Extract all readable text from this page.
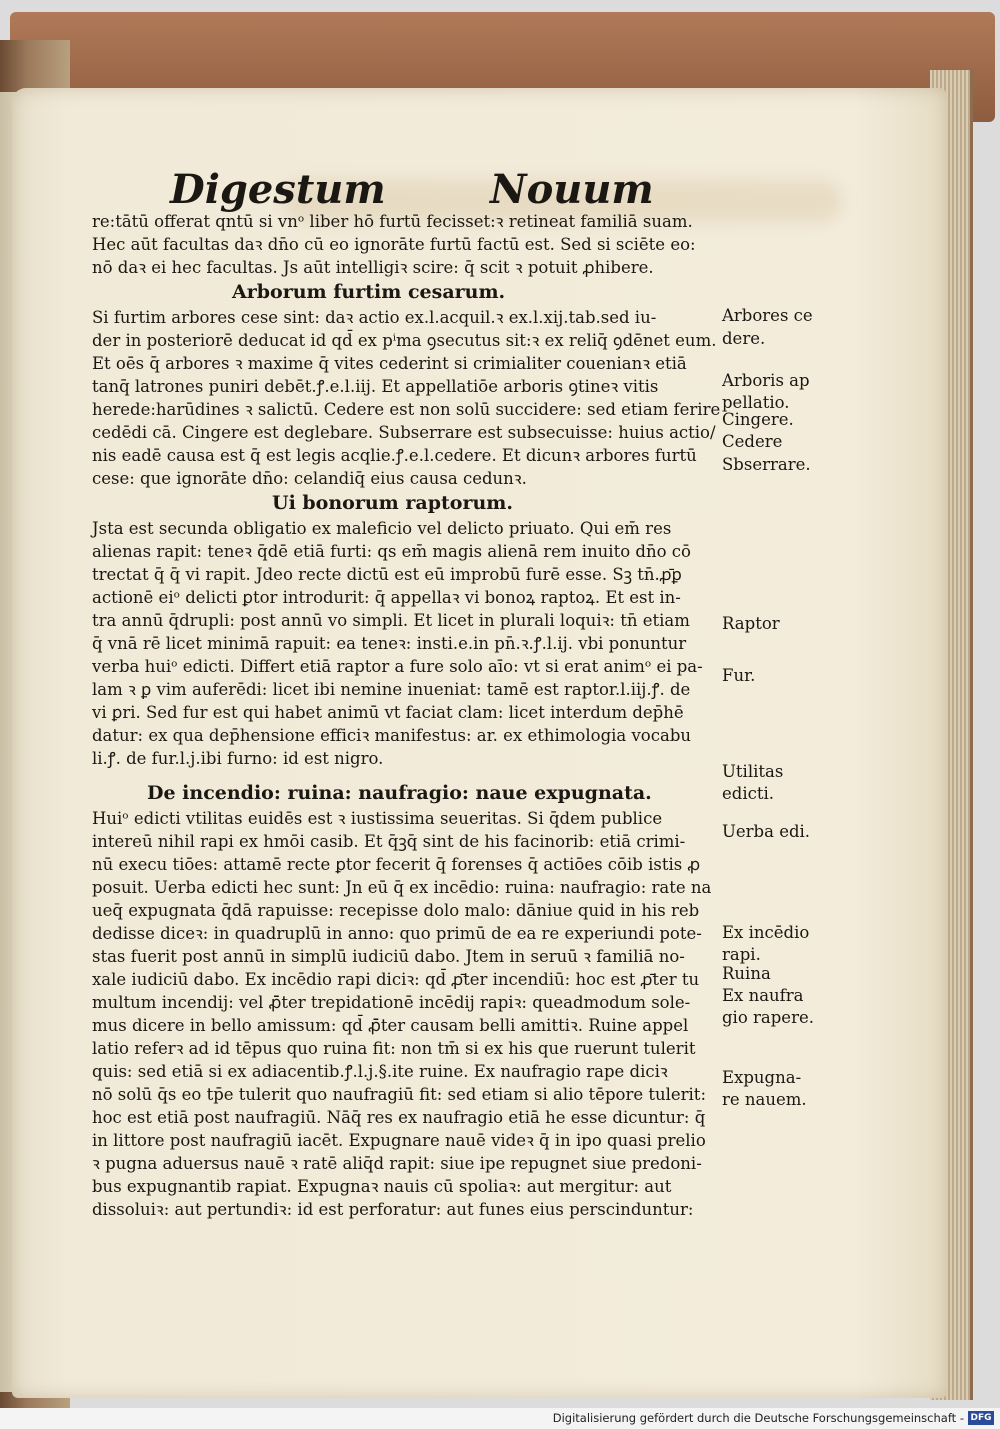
Digestum	Nouum

re:tātū offerat qntū si vnᵒ liber hō furtū fecisset:ꝛ retineat familiā suam.

Hec aūt facultas daꝛ dn̄o cū eo ignorāte furtū factū est. Sed si sciēte eo:

nō daꝛ ei hec facultas. Js aūt intelligiꝛ scire: q̄ scit ꝛ potuit ꝓhibere.

Arborum furtim cesarum.

Si furtim arbores cese sint: daꝛ actio ex.l.acquil.ꝛ ex.l.xij.tab.sed iu-

der in posteriorē deducat id qd̄ ex pⁱma ꝯsecutus sit:ꝛ ex reliq̄ ꝯdēnet eum.

Et oēs q̄ arbores ꝛ maxime q̄ vites cederint si crimialiter couenianꝛ etiā

tanq̄ latrones puniri debēt.ꝭ.e.l.iij. Et appellatiōe arboris ꝯtineꝛ vitis

herede:harūdines ꝛ salictū. Cedere est non solū succidere: sed etiam ferire

cedēdi cā. Cingere est deglebare. Subserrare est subsecuisse: huius actio/

nis eadē causa est q̄ est legis acqlie.ꝭ.e.l.cedere. Et dicunꝛ arbores furtū

cese: que ignorāte dn̄o: celandiq̄ eius causa cedunꝛ.

Ui bonorum raptorum.

Jsta est secunda obligatio ex maleficio vel delicto priuato. Qui em̄ res

alienas rapit: teneꝛ q̄dē etiā furti: qs em̄ magis alienā rem inuito dn̄o cō

trectat q̄ q̄ vi rapit. Jdeo recte dictū est eū improbū furē esse. Sꝫ tn̄.ꝓ̄ꝑ

actionē eiᵒ delicti ꝑtor introdurit: q̄ appellaꝛ vi bonoꝝ raptoꝝ. Et est in-

tra annū q̄drupli: post annū vo simpli. Et licet in plurali loquiꝛ: tn̄ etiam

q̄ vnā rē licet minimā rapuit: ea teneꝛ: insti.e.in pn̄.ꝛ.ꝭ.l.ij. vbi ponuntur

verba huiᵒ edicti. Differt etiā raptor a fure solo aīo: vt si erat animᵒ ei pa-

lam ꝛ ꝑ vim auferēdi: licet ibi nemine inueniat: tamē est raptor.l.iij.ꝭ. de

vi ꝑri. Sed fur est qui habet animū vt faciat clam: licet interdum dep̄hē

datur: ex qua dep̄hensione efficiꝛ manifestus: ar. ex ethimologia vocabu

li.ꝭ. de fur.l.j.ibi furno: id est nigro.

De incendio: ruina: naufragio: naue expugnata.

Huiᵒ edicti vtilitas euidēs est ꝛ iustissima seueritas. Si q̄dem publice

intereū nihil rapi ex hmōi casib. Et q̄ꝫq̄ sint de his facinorib: etiā crimi-

nū execu tiōes: attamē recte ꝑtor fecerit q̄ forenses q̄ actiōes cōib istis ꝓ

posuit. Uerba edicti hec sunt: Jn eū q̄ ex incēdio: ruina: naufragio: rate na

ueq̄ expugnata q̄dā rapuisse: recepisse dolo malo: dāniue quid in his reb

dedisse diceꝛ: in quadruplū in anno: quo primū de ea re experiundi pote-

stas fuerit post annū in simplū iudiciū dabo. Jtem in seruū ꝛ familiā no-

xale iudiciū dabo. Ex incēdio rapi diciꝛ: qd̄ ꝓ̄ter incendiū: hoc est ꝓ̄ter tu

multum incendij: vel ꝓ̄ter trepidationē incēdij rapiꝛ: queadmodum sole-

mus dicere in bello amissum: qd̄ ꝓ̄ter causam belli amittiꝛ. Ruine appel

latio referꝛ ad id tēpus quo ruina fit: non tm̄ si ex his que ruerunt tulerit

quis: sed etiā si ex adiacentib.ꝭ.l.j.§.ite ruine. Ex naufragio rape diciꝛ

nō solū q̄s eo tp̄e tulerit quo naufragiū fit: sed etiam si alio tēpore tulerit:

hoc est etiā post naufragiū. Nāq̄ res ex naufragio etiā he esse dicuntur: q̄

in littore post naufragiū iacēt. Expugnare nauē videꝛ q̄ in ipo quasi prelio

ꝛ pugna aduersus nauē ꝛ ratē aliq̄d rapit: siue ipe repugnet siue predoni-

bus expugnantib rapiat. Expugnaꝛ nauis cū spoliaꝛ: aut mergitur: aut

dissoluiꝛ: aut pertundiꝛ: id est perforatur: aut funes eius perscinduntur:

Arbores ce
dere.
Arboris ap
pellatio.
Cingere.
Cedere
Sbserrare.
Raptor
Fur.
Utilitas
edicti.
Uerba edi.
Ex incēdio
rapi.
Ruina
Ex naufra
gio rapere.
Expugna-
re nauem.
Digitalisierung gefördert durch die Deutsche Forschungsgemeinschaft - DFG
